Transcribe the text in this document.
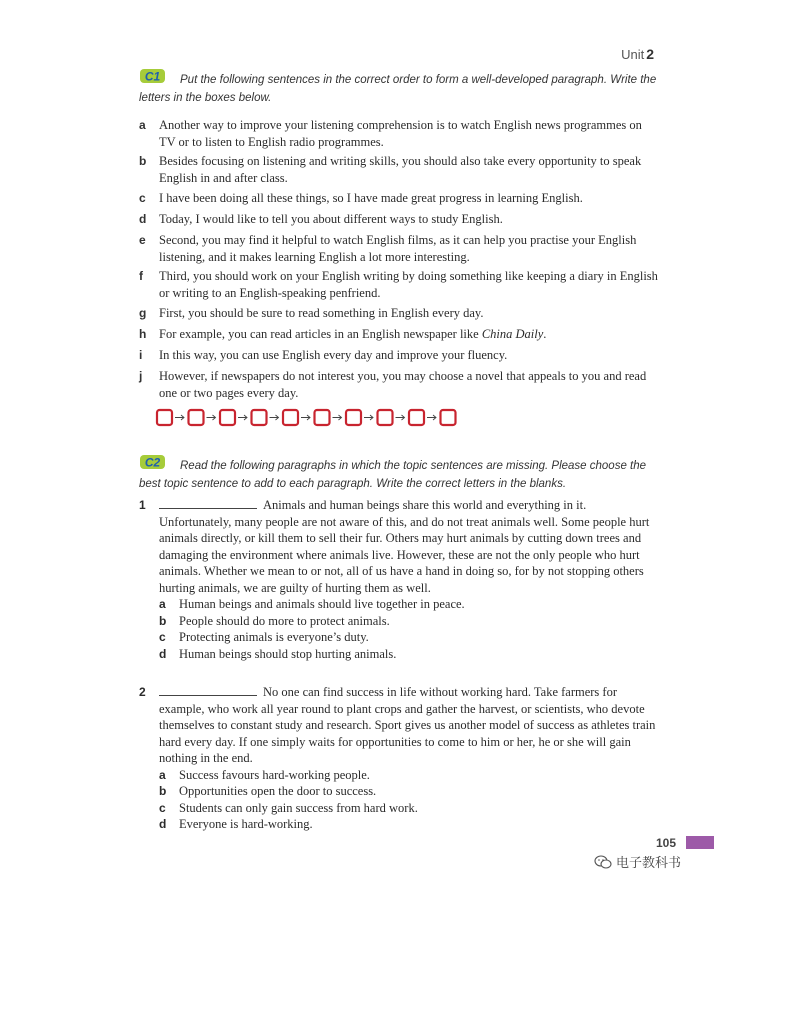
Unit 2
C1 Put the following sentences in the correct order to form a well-developed paragraph. Write the letters in the boxes below.
a	Another way to improve your listening comprehension is to watch English news programmes on TV or to listen to English radio programmes.
b	Besides focusing on listening and writing skills, you should also take every opportunity to speak English in and after class.
c	I have been doing all these things, so I have made great progress in learning English.
d	Today, I would like to tell you about different ways to study English.
e	Second, you may find it helpful to watch English films, as it can help you practise your English listening, and it makes learning English a lot more interesting.
f	Third, you should work on your English writing by doing something like keeping a diary in English or writing to an English-speaking penfriend.
g	First, you should be sure to read something in English every day.
h	For example, you can read articles in an English newspaper like China Daily.
i	In this way, you can use English every day and improve your fluency.
j	However, if newspapers do not interest you, you may choose a novel that appeals to you and read one or two pages every day.
C2 Read the following paragraphs in which the topic sentences are missing. Please choose the best topic sentence to add to each paragraph. Write the correct letters in the blanks.
1	Animals and human beings share this world and everything in it. Unfortunately, many people are not aware of this, and do not treat animals well. Some people hurt animals directly, or kill them to sell their fur. Others may hurt animals by cutting down trees and damaging the environment where animals live. However, these are not the only people who hurt animals. Whether we mean to or not, all of us have a hand in doing so, for by not stopping others hurting animals, we are guilty of hurting them as well.
a Human beings and animals should live together in peace.
b People should do more to protect animals.
c Protecting animals is everyone’s duty.
d Human beings should stop hurting animals.
2	No one can find success in life without working hard. Take farmers for example, who work all year round to plant crops and gather the harvest, or scientists, who devote themselves to constant study and research. Sport gives us another model of success as athletes train hard every day. If one simply waits for opportunities to come to him or her, he or she will gain nothing in the end.
a Success favours hard-working people.
b Opportunities open the door to success.
c Students can only gain success from hard work.
d Everyone is hard-working.
105
电子教科书
